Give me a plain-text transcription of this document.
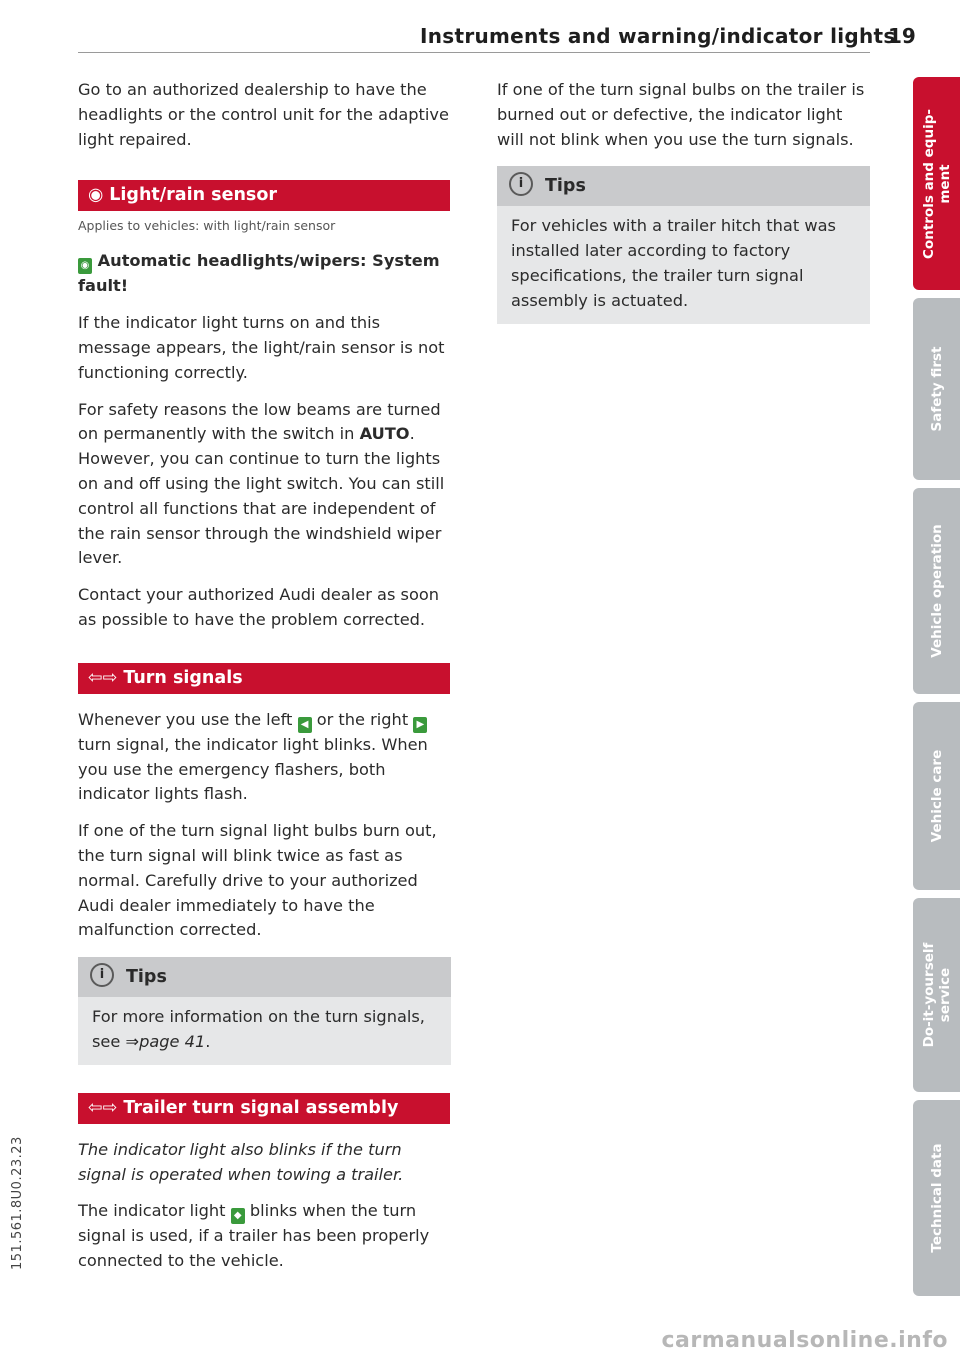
Instruments and warning/indicator lights
19

Go to an authorized dealership to have the headlights or the control unit for the adaptive light repaired.

◉ Light/rain sensor
Applies to vehicles: with light/rain sensor
◉ Automatic headlights/wipers: System fault!

If the indicator light turns on and this message appears, the light/rain sensor is not functioning correctly.

For safety reasons the low beams are turned on permanently with the switch in AUTO. However, you can continue to turn the lights on and off using the light switch. You can still control all functions that are independent of the rain sensor through the windshield wiper lever.

Contact your authorized Audi dealer as soon as possible to have the problem corrected.

⇦⇨ Turn signals

Whenever you use the left ◀ or the right ▶ turn signal, the indicator light blinks. When you use the emergency flashers, both indicator lights flash.

If one of the turn signal light bulbs burn out, the turn signal will blink twice as fast as normal. Carefully drive to your authorized Audi dealer immediately to have the malfunction corrected.

i Tips

For more information on the turn signals, see ⇒page 41.

⇦⇨ Trailer turn signal assembly

The indicator light also blinks if the turn signal is operated when towing a trailer.

The indicator light ◆ blinks when the turn signal is used, if a trailer has been properly connected to the vehicle.

If one of the turn signal bulbs on the trailer is burned out or defective, the indicator light will not blink when you use the turn signals.

i Tips

For vehicles with a trailer hitch that was installed later according to factory specifications, the trailer turn signal assembly is actuated.

Controls and equip-
ment
Safety first
Vehicle operation
Vehicle care
Do-it-yourself
service
Technical data
151.561.8U0.23.23
carmanualsonline.info
